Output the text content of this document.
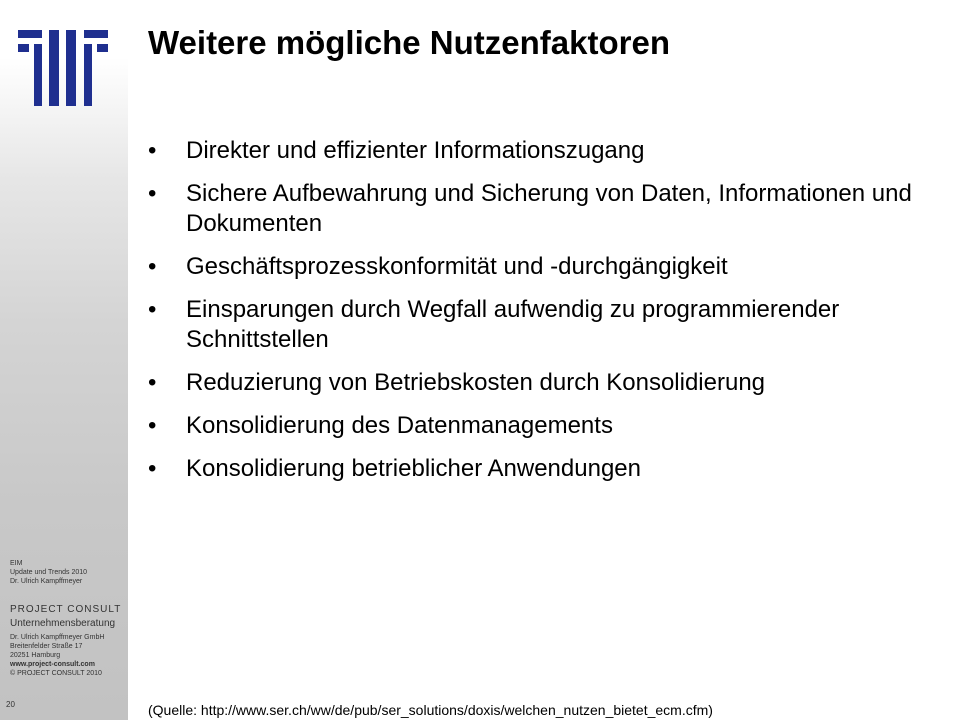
EIM
Update und Trends 2010
Dr. Ulrich Kampffmeyer
PROJECT CONSULT
Unternehmensberatung
Dr. Ulrich Kampffmeyer GmbH
Breitenfelder Straße 17
20251 Hamburg
www.project-consult.com
© PROJECT CONSULT 2010
20
Weitere mögliche Nutzenfaktoren
• Direkter und effizienter Informationszugang
• Sichere Aufbewahrung und Sicherung von Daten, Informationen und Dokumenten
• Geschäftsprozesskonformität und -durchgängigkeit
• Einsparungen durch Wegfall aufwendig zu programmierender Schnittstellen
• Reduzierung von Betriebskosten durch Konsolidierung
• Konsolidierung des Datenmanagements
• Konsolidierung betrieblicher Anwendungen
(Quelle: http://www.ser.ch/ww/de/pub/ser_solutions/doxis/welchen_nutzen_bietet_ecm.cfm)
